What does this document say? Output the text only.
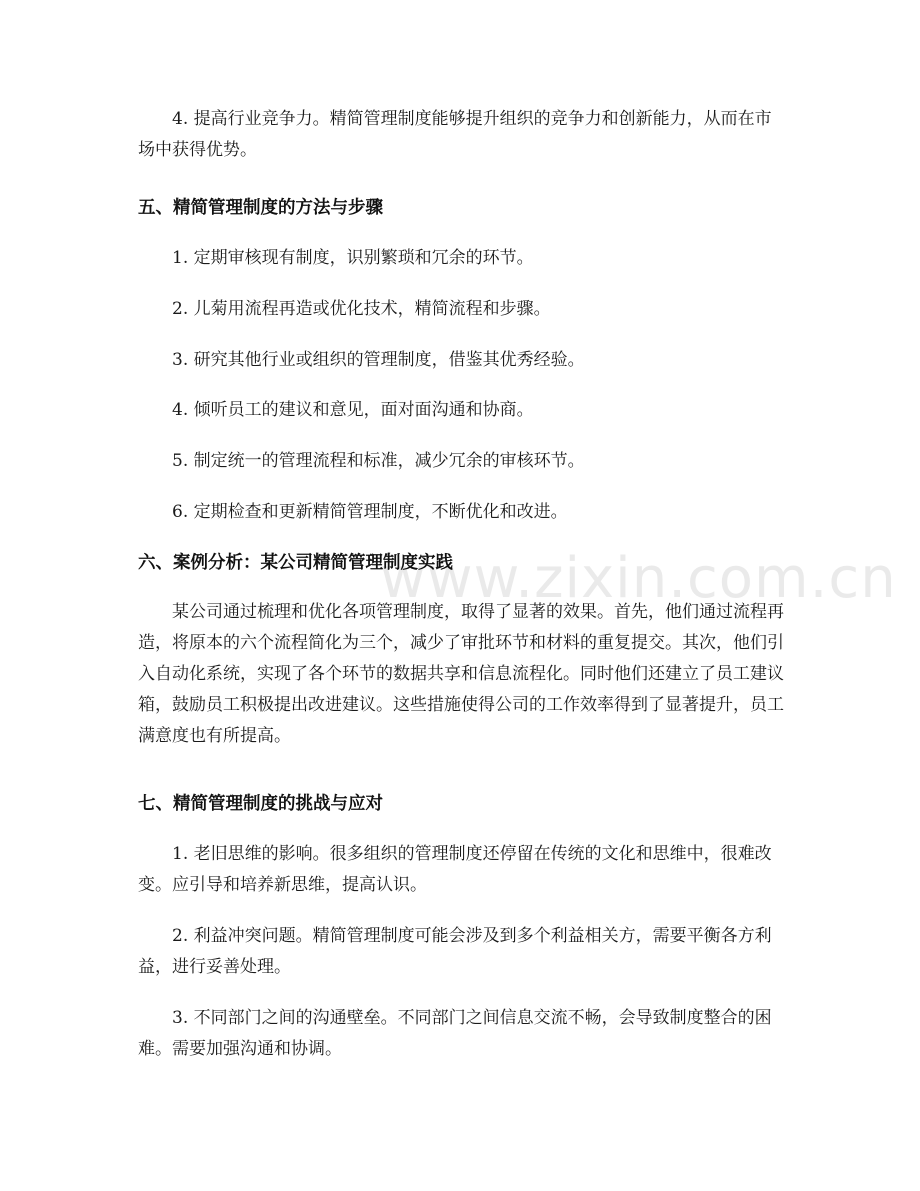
www.zixin.com.cn

4. 提高行业竞争力。精简管理制度能够提升组织的竞争力和创新能力，从而在市场中获得优势。

五、精简管理制度的方法与步骤

1. 定期审核现有制度，识别繁琐和冗余的环节。

2. 儿菊用流程再造或优化技术，精简流程和步骤。

3. 研究其他行业或组织的管理制度，借鉴其优秀经验。

4. 倾听员工的建议和意见，面对面沟通和协商。

5. 制定统一的管理流程和标准，减少冗余的审核环节。

6. 定期检查和更新精简管理制度，不断优化和改进。

六、案例分析：某公司精简管理制度实践

某公司通过梳理和优化各项管理制度，取得了显著的效果。首先，他们通过流程再造，将原本的六个流程简化为三个，减少了审批环节和材料的重复提交。其次，他们引入自动化系统，实现了各个环节的数据共享和信息流程化。同时他们还建立了员工建议箱，鼓励员工积极提出改进建议。这些措施使得公司的工作效率得到了显著提升，员工满意度也有所提高。

七、精简管理制度的挑战与应对

1. 老旧思维的影响。很多组织的管理制度还停留在传统的文化和思维中，很难改变。应引导和培养新思维，提高认识。

2. 利益冲突问题。精简管理制度可能会涉及到多个利益相关方，需要平衡各方利益，进行妥善处理。

3. 不同部门之间的沟通壁垒。不同部门之间信息交流不畅，会导致制度整合的困难。需要加强沟通和协调。
